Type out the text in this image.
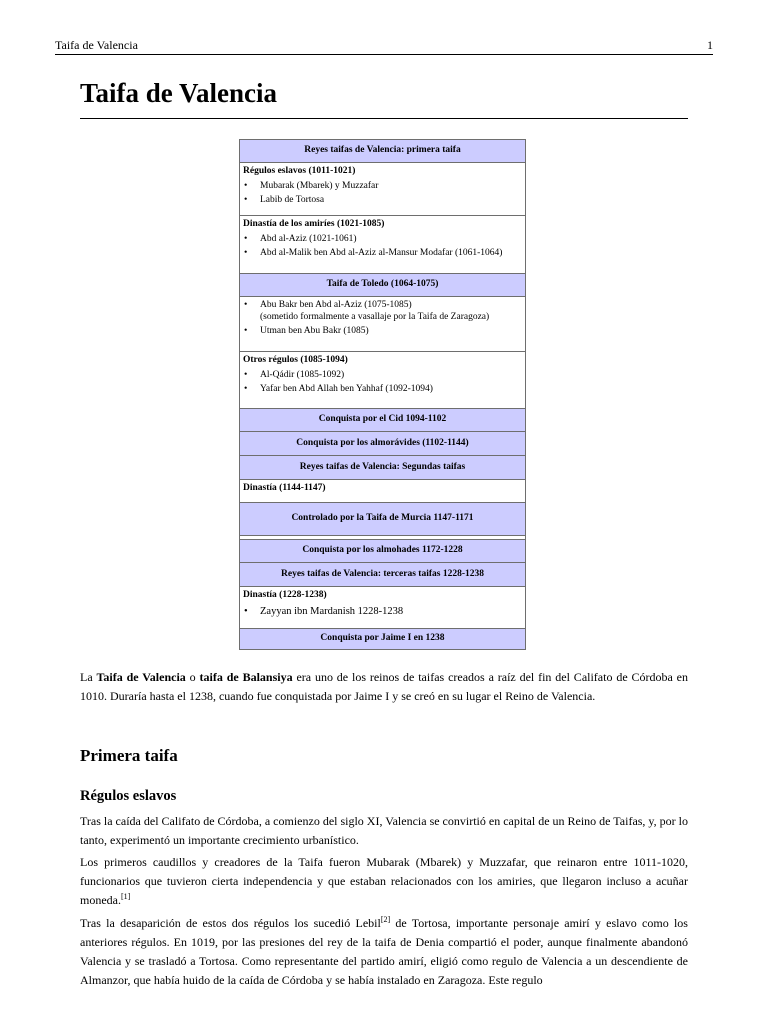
Taifa de Valencia	1
Taifa de Valencia
Reyes taifas de Valencia: primera taifa
Régulos eslavos (1011-1021)
• Mubarak (Mbarek) y Muzzafar
• Labib de Tortosa
Dinastía de los amiríes (1021-1085)
• Abd al-Aziz (1021-1061)
• Abd al-Malik ben Abd al-Aziz al-Mansur Modafar (1061-1064)
Taifa de Toledo (1064-1075)
• Abu Bakr ben Abd al-Aziz (1075-1085)
(sometido formalmente a vasallaje por la Taifa de Zaragoza)
• Utman ben Abu Bakr (1085)
Otros régulos (1085-1094)
• Al-Qádir (1085-1092)
• Yafar ben Abd Allah ben Yahhaf (1092-1094)
Conquista por el Cid 1094-1102
Conquista por los almorávides (1102-1144)
Reyes taifas de Valencia: Segundas taifas
Dinastía (1144-1147)
Controlado por la Taifa de Murcia 1147-1171
Conquista por los almohades 1172-1228
Reyes taifas de Valencia: terceras taifas 1228-1238
Dinastía (1228-1238)
• Zayyan ibn Mardanish 1228-1238
Conquista por Jaime I en 1238

La Taifa de Valencia o taifa de Balansiya era uno de los reinos de taifas creados a raíz del fin del Califato de Córdoba en 1010. Duraría hasta el 1238, cuando fue conquistada por Jaime I y se creó en su lugar el Reino de Valencia.

Primera taifa
Régulos eslavos

Tras la caída del Califato de Córdoba, a comienzo del siglo XI, Valencia se convirtió en capital de un Reino de Taifas, y, por lo tanto, experimentó un importante crecimiento urbanístico.

Los primeros caudillos y creadores de la Taifa fueron Mubarak (Mbarek) y Muzzafar, que reinaron entre 1011-1020, funcionarios que tuvieron cierta independencia y que estaban relacionados con los amiries, que llegaron incluso a acuñar moneda.[1]

Tras la desaparición de estos dos régulos los sucedió Lebil[2] de Tortosa, importante personaje amirí y eslavo como los anteriores régulos. En 1019, por las presiones del rey de la taifa de Denia compartió el poder, aunque finalmente abandonó Valencia y se trasladó a Tortosa. Como representante del partido amirí, eligió como regulo de Valencia a un descendiente de Almanzor, que había huido de la caída de Córdoba y se había instalado en Zaragoza. Este regulo
